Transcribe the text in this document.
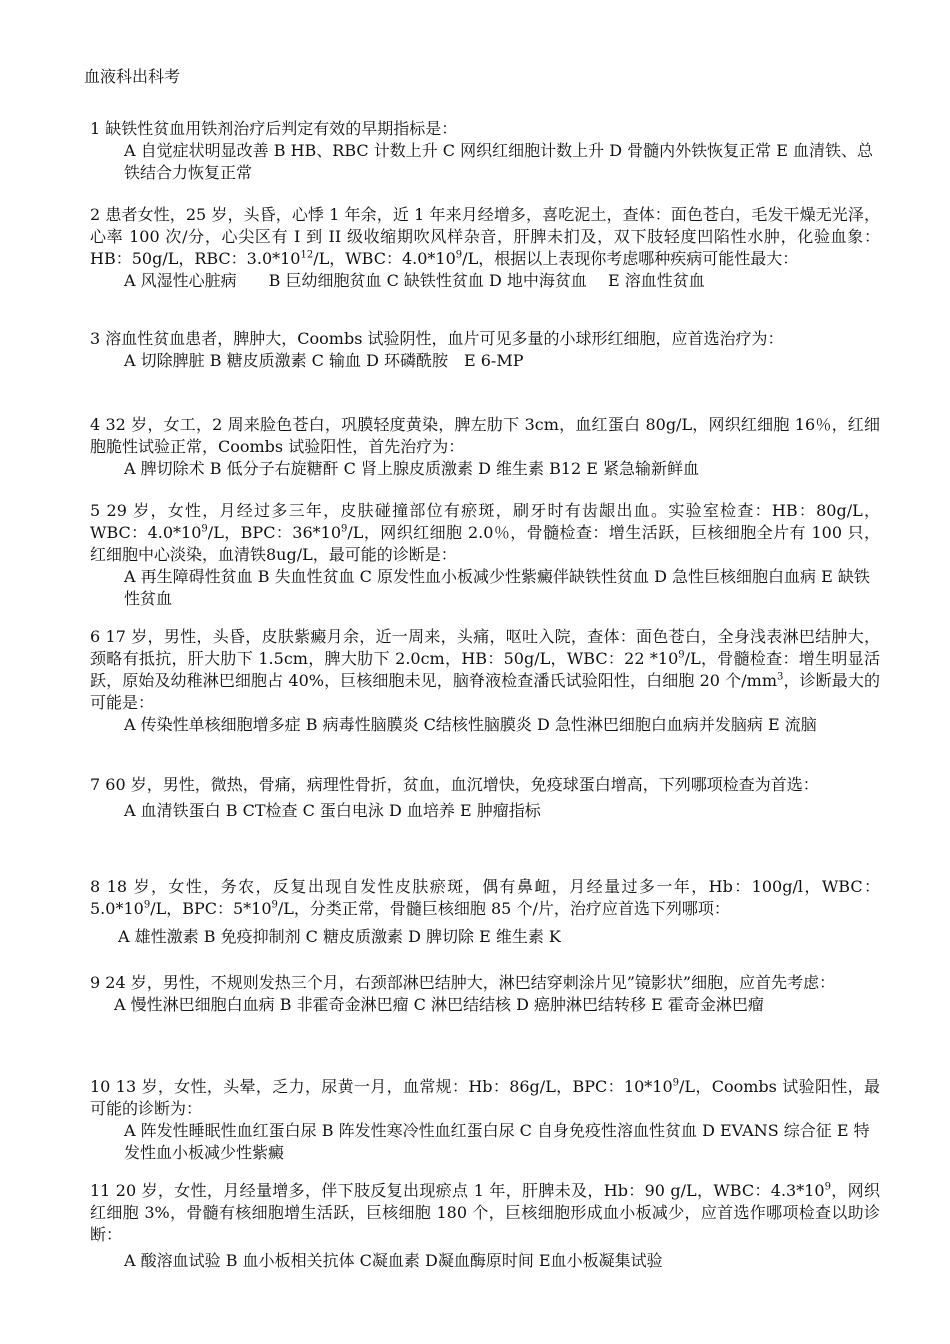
血液科出科考
1 缺铁性贫血用铁剂治疗后判定有效的早期指标是：
A 自觉症状明显改善 B HB、RBC 计数上升 C 网织红细胞计数上升 D 骨髓内外铁恢复正常 E 血清铁、总铁结合力恢复正常
2 患者女性，25 岁，头昏，心悸 1 年余，近 1 年来月经增多，喜吃泥土，查体：面色苍白，毛发干燥无光泽，心率 100 次/分，心尖区有 I 到 II 级收缩期吹风样杂音，肝脾未扪及，双下肢轻度凹陷性水肿，化验血象：HB：50g/L，RBC：$3.0*10^{12}/L$，WBC：$4.0*10^9/L$，根据以上表现你考虑哪种疾病可能性最大：
A 风湿性心脏病　　B 巨幼细胞贫血 C 缺铁性贫血 D 地中海贫血　 E 溶血性贫血
3 溶血性贫血患者，脾肿大，Coombs 试验阴性，血片可见多量的小球形红细胞，应首选治疗为：
A 切除脾脏 B 糖皮质激素 C 输血 D 环磷酰胺　E 6-MP
4 32 岁，女工，2 周来脸色苍白，巩膜轻度黄染，脾左肋下 3cm，血红蛋白 80g/L，网织红细胞 16％，红细胞脆性试验正常，Coombs 试验阳性，首先治疗为：
A 脾切除术 B 低分子右旋糖酐 C 肾上腺皮质激素 D 维生素 B12 E 紧急输新鲜血
5 29 岁，女性，月经过多三年，皮肤碰撞部位有瘀斑，刷牙时有齿龈出血。实验室检查：HB：80g/L，WBC：$4.0*10^9/L$，BPC：$36*10^9/L$，网织红细胞 2.0％，骨髓检查：增生活跃，巨核细胞全片有 100 只，红细胞中心淡染，血清铁8ug/L，最可能的诊断是：
A 再生障碍性贫血 B 失血性贫血 C 原发性血小板减少性紫癜伴缺铁性贫血 D 急性巨核细胞白血病 E 缺铁性贫血
6 17 岁，男性，头昏，皮肤紫癜月余，近一周来，头痛，呕吐入院，查体：面色苍白，全身浅表淋巴结肿大，颈略有抵抗，肝大肋下 1.5cm，脾大肋下 2.0cm，HB：50g/L，WBC：22 $*10^9/L$，骨髓检查：增生明显活跃，原始及幼稚淋巴细胞占 40%，巨核细胞未见，脑脊液检查潘氏试验阳性，白细胞 20 个$/mm^3$，诊断最大的可能是：
A 传染性单核细胞增多症 B 病毒性脑膜炎 C结核性脑膜炎 D 急性淋巴细胞白血病并发脑病 E 流脑
7 60 岁，男性，微热，骨痛，病理性骨折，贫血，血沉增快，免疫球蛋白增高，下列哪项检查为首选：
A 血清铁蛋白 B CT检查 C 蛋白电泳 D 血培养 E 肿瘤指标
8 18 岁，女性，务农，反复出现自发性皮肤瘀斑，偶有鼻衄，月经量过多一年，Hb：100g/l，WBC：$5.0*10^9/L$，BPC：$5*10^9/L$，分类正常，骨髓巨核细胞 85 个/片，治疗应首选下列哪项：
A 雄性激素 B 免疫抑制剂 C 糖皮质激素 D 脾切除 E 维生素 K
9 24 岁，男性，不规则发热三个月，右颈部淋巴结肿大，淋巴结穿刺涂片见”镜影状”细胞，应首先考虑：
A 慢性淋巴细胞白血病 B 非霍奇金淋巴瘤 C 淋巴结结核 D 癌肿淋巴结转移 E 霍奇金淋巴瘤
10 13 岁，女性，头晕，乏力，尿黄一月，血常规：Hb：86g/L，BPC：$10*10^9/L$，Coombs 试验阳性，最可能的诊断为：
A 阵发性睡眠性血红蛋白尿 B 阵发性寒冷性血红蛋白尿 C 自身免疫性溶血性贫血 D EVANS 综合征 E 特发性血小板减少性紫癜
11 20 岁，女性，月经量增多，伴下肢反复出现瘀点 1 年，肝脾未及，Hb：90 g/L，WBC：$4.3*10^9$，网织红细胞 3%，骨髓有核细胞增生活跃，巨核细胞 180 个，巨核细胞形成血小板减少，应首选作哪项检查以助诊断：
A 酸溶血试验 B 血小板相关抗体 C凝血素 D凝血酶原时间 E血小板凝集试验
